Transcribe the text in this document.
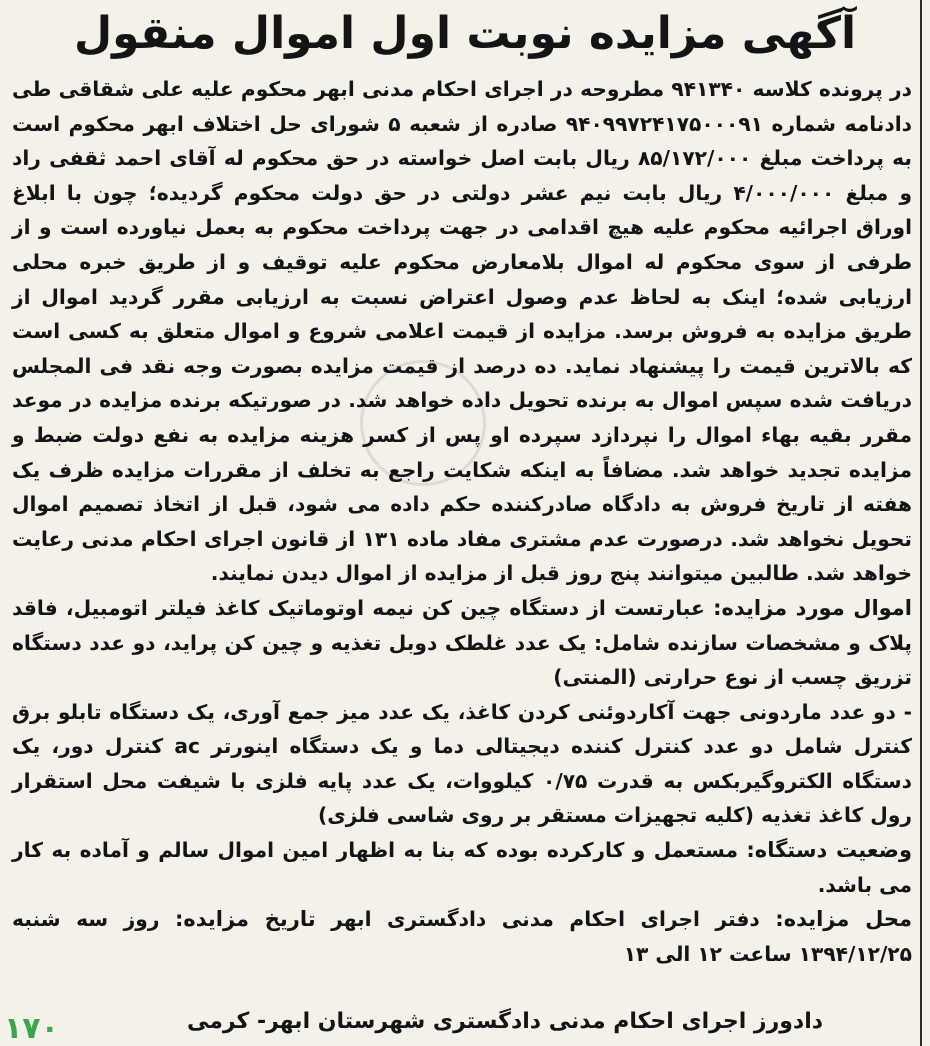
آگهی مزایده نوبت اول اموال منقول

در پرونده کلاسه ۹۴۱۳۴۰ مطروحه در اجرای احکام مدنی ابهر محکوم علیه علی شقاقی طی دادنامه شماره ۹۴۰۹۹۷۲۴۱۷۵۰۰۰۹۱ صادره از شعبه ۵ شورای حل اختلاف ابهر محکوم است به پرداخت مبلغ ۸۵/۱۷۲/۰۰۰ ریال بابت اصل خواسته در حق محکوم له آقای احمد ثقفی راد و مبلغ ۴/۰۰۰/۰۰۰ ریال بابت نیم عشر دولتی در حق دولت محکوم گردیده؛ چون با ابلاغ اوراق اجرائیه محکوم علیه هیچ اقدامی در جهت پرداخت محکوم به بعمل نیاورده است و از طرفی از سوی محکوم له اموال بلامعارض محکوم علیه توقیف و از طریق خبره محلی ارزیابی شده؛ اینک به لحاظ عدم وصول اعتراض نسبت به ارزیابی مقرر گردید اموال از طریق مزایده به فروش برسد. مزایده از قیمت اعلامی شروع و اموال متعلق به کسی است که بالاترین قیمت را پیشنهاد نماید. ده درصد از قیمت مزایده بصورت وجه نقد فی المجلس دریافت شده سپس اموال به برنده تحویل داده خواهد شد. در صورتیکه برنده مزایده در موعد مقرر بقیه بهاء اموال را نپردازد سپرده او پس از کسر هزینه مزایده به نفع دولت ضبط و مزایده تجدید خواهد شد. مضافاً به اینکه شکایت راجع به تخلف از مقررات مزایده ظرف یک هفته از تاریخ فروش به دادگاه صادرکننده حکم داده می شود، قبل از اتخاذ تصمیم اموال تحویل نخواهد شد. درصورت عدم مشتری مفاد ماده ۱۳۱ از قانون اجرای احکام مدنی رعایت خواهد شد. طالبین میتوانند پنج روز قبل از مزایده از اموال دیدن نمایند.

اموال مورد مزایده: عبارتست از دستگاه چین کن نیمه اوتوماتیک کاغذ فیلتر اتومبیل، فاقد پلاک و مشخصات سازنده شامل: یک عدد غلطک دوبل تغذیه و چین کن پراید، دو عدد دستگاه تزریق چسب از نوع حرارتی (المنتی)

- دو عدد ماردونی جهت آکاردوئنی کردن کاغذ، یک عدد میز جمع آوری، یک دستگاه تابلو برق کنترل شامل دو عدد کنترل کننده دیجیتالی دما و یک دستگاه اینورتر ac کنترل دور، یک دستگاه الکتروگیربکس به قدرت ۰/۷۵ کیلووات، یک عدد پایه فلزی با شیفت محل استقرار رول کاغذ تغذیه (کلیه تجهیزات مستقر بر روی شاسی فلزی)

وضعیت دستگاه: مستعمل و کارکرده بوده که بنا به اظهار امین اموال سالم و آماده به کار می باشد.

محل مزایده: دفتر اجرای احکام مدنی دادگستری ابهر تاریخ مزایده: روز سه شنبه ۱۳۹۴/۱۲/۲۵ ساعت ۱۲ الی ۱۳

دادورز اجرای احکام مدنی دادگستری شهرستان ابهر- کرمی
۱۷۰
